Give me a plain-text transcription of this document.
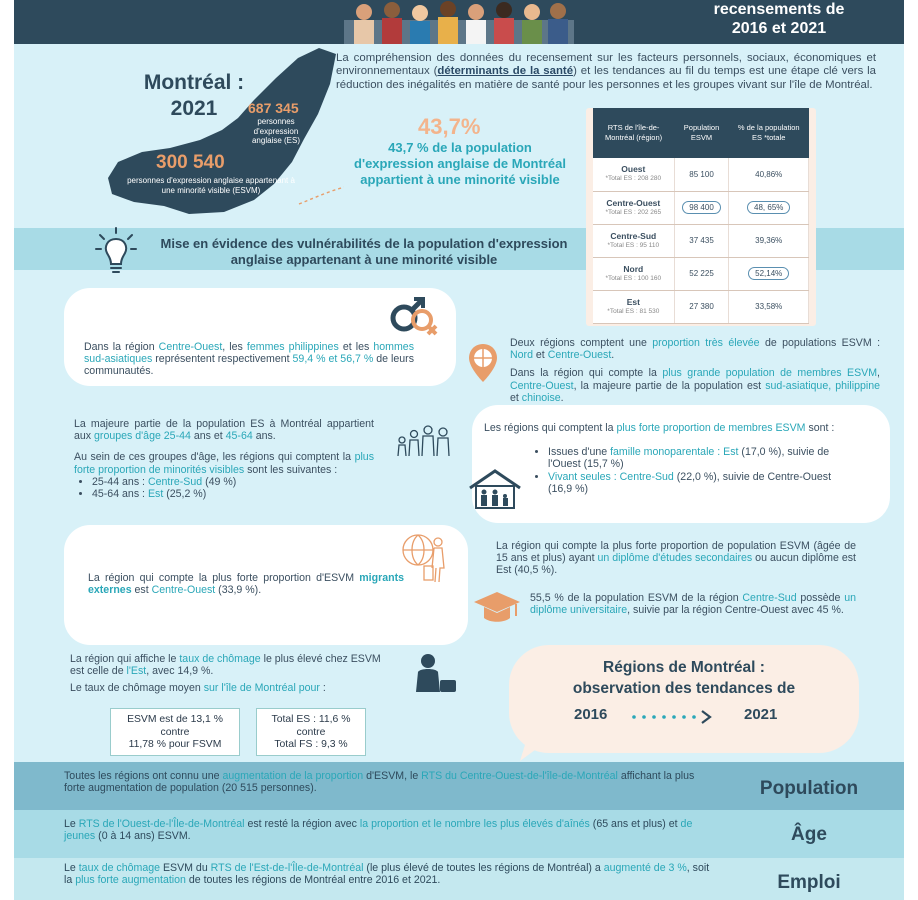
recensements de
2016 et 2021
La compréhension des données du recensement sur les facteurs personnels, sociaux, économiques et environnementaux (déterminants de la santé) et les tendances au fil du temps est une étape clé vers la réduction des inégalités en matière de santé pour les personnes et les groupes vivant sur l'île de Montréal.
Montréal :
2021	687 345
personnes d'expression anglaise (ES)
300 540
personnes d'expression anglaise appartenant à une minorité visible (ESVM)
43,7%
43,7 % de la population d'expression anglaise de Montréal appartient à une minorité visible
Mise en évidence des vulnérabilités de la population d'expression anglaise appartenant à une minorité visible
RTS de l'île-de-Montréal (région)	Population ESVM	% de la population ES *totale

Ouest
*Total ES : 208 280	85 100	40,86%

Centre-Ouest
*Total ES : 202 265	98 400	48, 65%

Centre-Sud
*Total ES : 95 110	37 435	39,36%

Nord
*Total ES : 100 160	52 225	52,14%

Est
*Total ES : 81 530	27 380	33,58%
Dans la région Centre-Ouest, les femmes philippines et les hommes sud-asiatiques représentent respectivement 59,4 % et 56,7 % de leurs communautés.
Deux régions comptent une proportion très élevée de populations ESVM : Nord et Centre-Ouest.
Dans la région qui compte la plus grande population de membres ESVM, Centre-Ouest, la majeure partie de la population est sud-asiatique, philippine et chinoise.
La majeure partie de la population ES à Montréal appartient aux groupes d'âge 25-44 ans et 45-64 ans.
Au sein de ces groupes d'âge, les régions qui comptent la plus forte proportion de minorités visibles sont les suivantes :
• 25-44 ans : Centre-Sud (49 %)
• 45-64 ans : Est (25,2 %)
Les régions qui comptent la plus forte proportion de membres ESVM sont :
• Issues d'une famille monoparentale : Est (17,0 %), suivie de l'Ouest (15,7 %)
• Vivant seules : Centre-Sud (22,0 %), suivie de Centre-Ouest (16,9 %)
La région qui compte la plus forte proportion d'ESVM migrants externes est Centre-Ouest (33,9 %).
La région qui compte la plus forte proportion de population ESVM (âgée de 15 ans et plus) ayant un diplôme d'études secondaires ou aucun diplôme est Est (40,5 %).
55,5 % de la population ESVM de la région Centre-Sud possède un diplôme universitaire, suivie par la région Centre-Ouest avec 45 %.
La région qui affiche le taux de chômage le plus élevé chez ESVM est celle de l'Est, avec 14,9 %.
Le taux de chômage moyen sur l'île de Montréal pour :
ESVM est de 13,1 %
contre
11,78 % pour FSVM
Total ES : 11,6 %
contre
Total FS : 9,3 %
Régions de Montréal :
observation des tendances de
2016	2021
Toutes les régions ont connu une augmentation de la proportion d'ESVM, le RTS du Centre-Ouest-de-l'île-de-Montréal affichant la plus forte augmentation de population (20 515 personnes).	Population
Le RTS de l'Ouest-de-l'Île-de-Montréal est resté la région avec la proportion et le nombre les plus élevés d'aînés (65 ans et plus) et de jeunes (0 à 14 ans) ESVM.	Âge
Le taux de chômage ESVM du RTS de l'Est-de-l'Île-de-Montréal (le plus élevé de toutes les régions de Montréal) a augmenté de 3 %, soit la plus forte augmentation de toutes les régions de Montréal entre 2016 et 2021.	Emploi
